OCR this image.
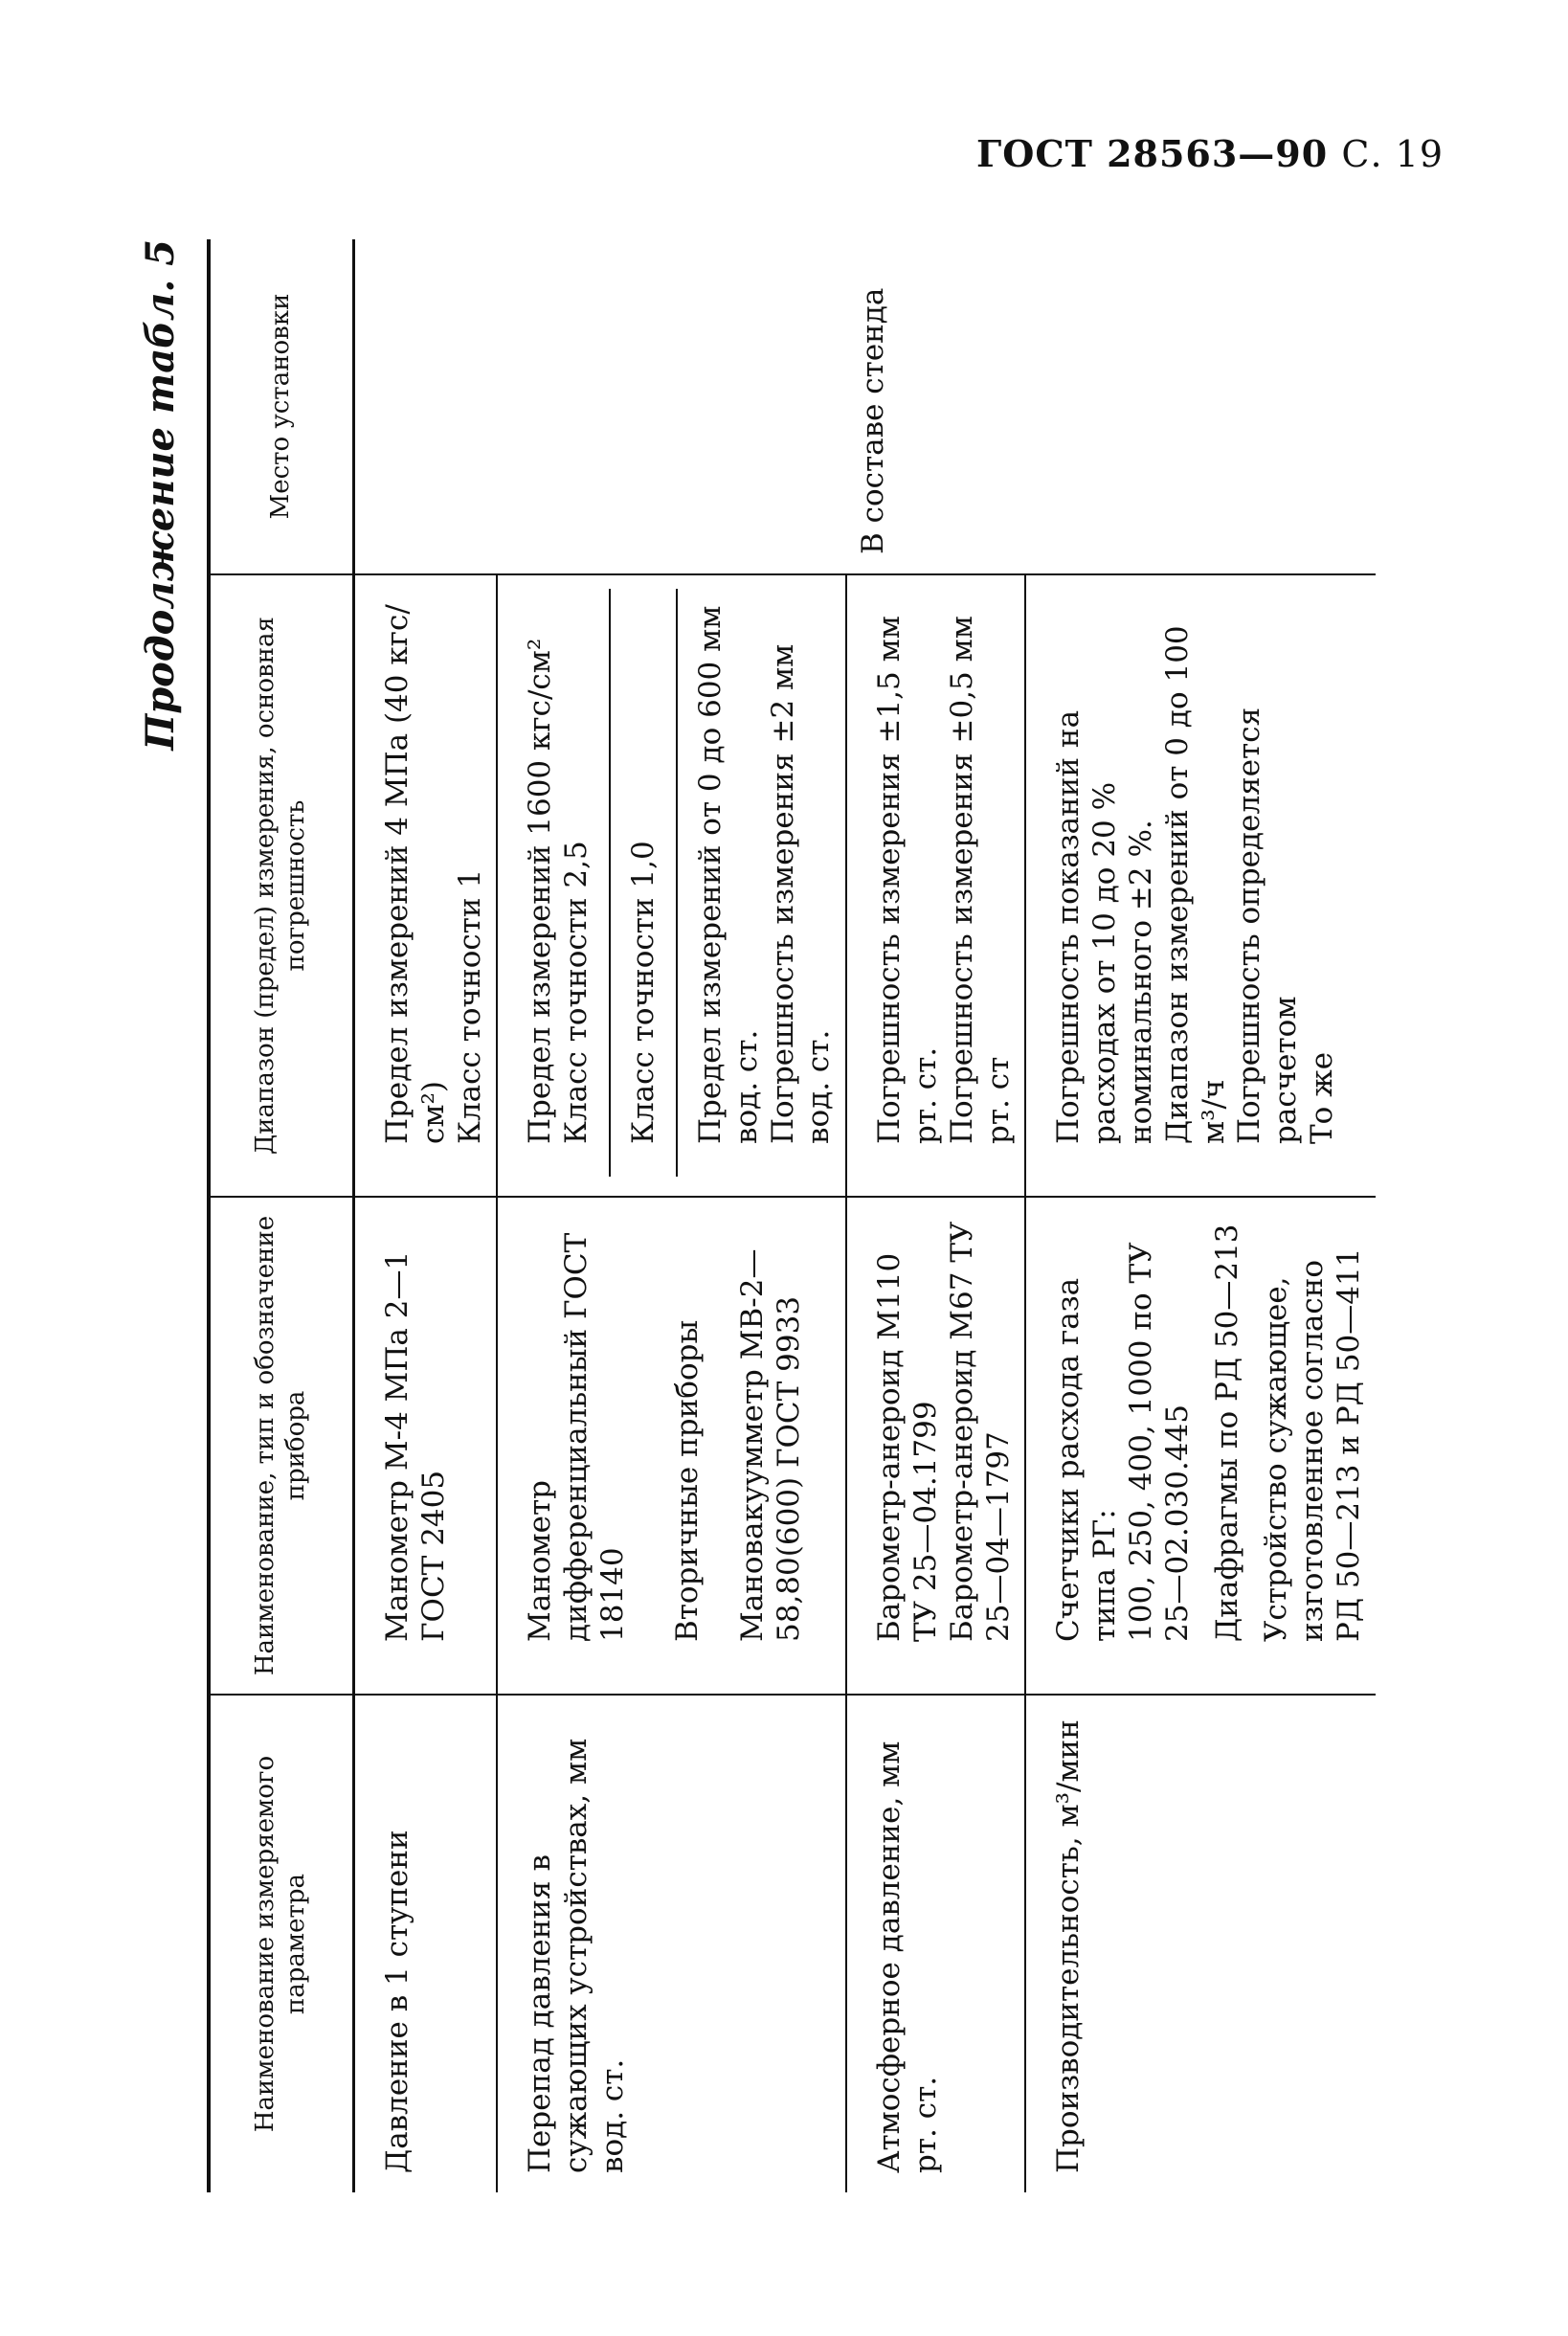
ГОСТ 28563—90 С. 19
Продолжение табл. 5
Наименование измеряемого параметра	Наименование, тип и обозначение прибора	Диапазон (предел) измерения, основная погрешность	Место установки
Давление в 1 ступени	Манометр М-4 МПа 2—1 ГОСТ 2405	Предел измерений 4 МПа (40 кгс/см²) Класс точности 1	В составе стенда
Перепад давления в сужающих устройствах, мм вод. ст.	Манометр дифференциальный ГОСТ 18140 Вторичные приборы Мановакуумметр МВ-2—58,80(600) ГОСТ 9933	Предел измерений 1600 кгс/см² Класс точности 2,5 Класс точности 1,0 Предел измерений от 0 до 600 мм вод. ст. Погрешность измерения ±2 мм вод. ст.	

Атмосферное давление, мм рт. ст.	Барометр-анероид М110 ТУ 25—04.1799 Барометр-анероид М67 ТУ 25—04—1797	Погрешность измерения ±1,5 мм рт. ст. Погрешность измерения ±0,5 мм рт. ст	

Производительность, м³/мин	Счетчики расхода газа типа РГ: 100, 250, 400, 1000 по ТУ 25—02.030.445 Диафрагмы по РД 50—213 Устройство сужающее, изготовленное согласно РД 50—213 и РД 50—411	Погрешность показаний на расходах от 10 до 20 % номинального ±2 %. Диапазон измерений от 0 до 100 м³/ч Погрешность определяется расчетом То же	
